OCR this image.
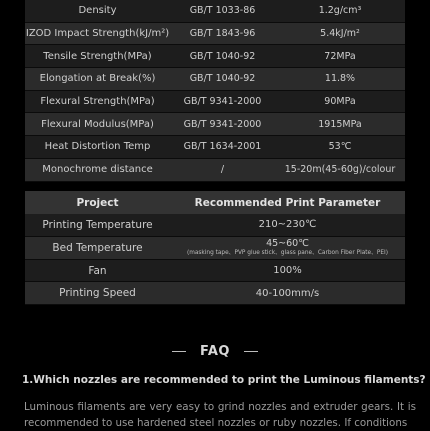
Density	GB/T 1033-86	1.2g/cm³
IZOD Impact Strength(kJ/m²)	GB/T 1843-96	5.4kJ/m²
Tensile Strength(MPa)	GB/T 1040-92	72MPa
Elongation at Break(%)	GB/T 1040-92	11.8%
Flexural Strength(MPa)	GB/T 9341-2000	90MPa
Flexural Modulus(MPa)	GB/T 9341-2000	1915MPa
Heat Distortion Temp	GB/T 1634-2001	53℃
Monochrome distance	/	15-20m(45-60g)/colour
Project	Recommended Print Parameter
Printing Temperature	210~230℃
Bed Temperature	45~60℃
(masking tape、PVP glue stick、glass pane、Carbon Fiber Plate、PEI)
Fan	100%
Printing Speed	40-100mm/s
FAQ
1.Which nozzles are recommended to print the Luminous filaments?
Luminous filaments are very easy to grind nozzles and extruder gears. It is recommended to use hardened steel nozzles or ruby nozzles. If conditions
